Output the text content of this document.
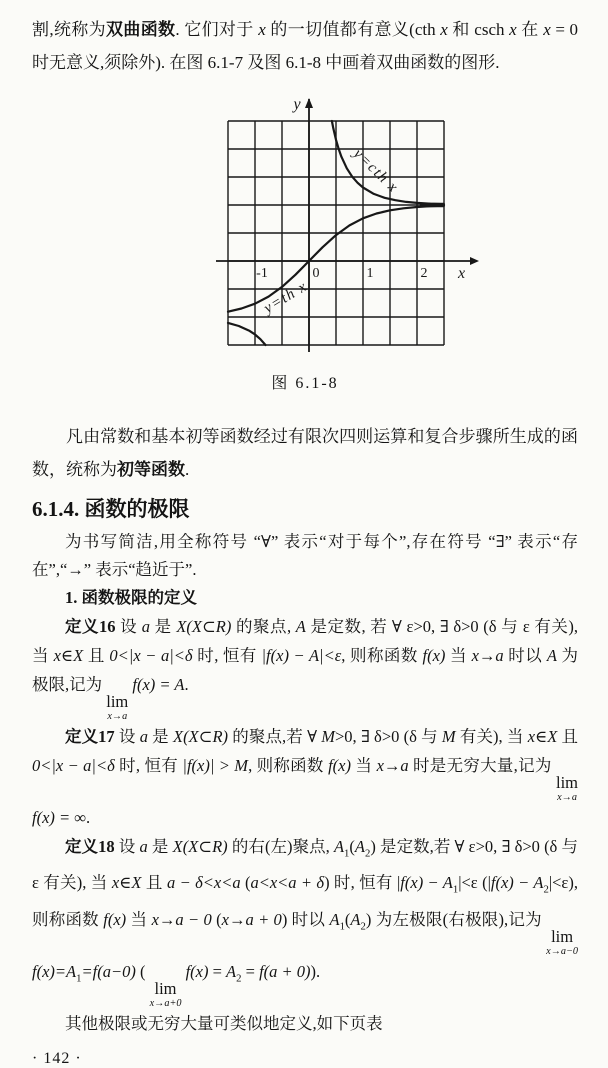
割,统称为双曲函数. 它们对于 x 的一切值都有意义(cth x 和 csch x 在 x = 0 时无意义,须除外). 在图 6.1-7 及图 6.1-8 中画着双曲函数的图形.

-1	0	1	2
y
x
y=cth x
y=th x

图 6.1-8

凡由常数和基本初等函数经过有限次四则运算和复合步骤所生成的函数，统称为初等函数.

6.1.4. 函数的极限

为书写简洁,用全称符号 “∀” 表示“对于每个”,存在符号 “∃” 表示“存在”,“→” 表示“趋近于”.

1. 函数极限的定义

定义16 设 a 是 X(X⊂R) 的聚点, A 是定数, 若 ∀ ε>0, ∃ δ>0 (δ 与 ε 有关),当 x∈X 且 0<|x − a|<δ 时, 恒有 |f(x) − A|<ε, 则称函数 f(x) 当 x→a 时以 A 为极限,记为
lim
x→a
f(x) = A.

定义17 设 a 是 X(X⊂R) 的聚点,若 ∀ M>0, ∃ δ>0 (δ 与 M 有关), 当 x∈X 且 0<|x − a|<δ 时, 恒有 |f(x)| > M, 则称函数 f(x) 当 x→a 时是无穷大量,记为
lim
x→a
f(x) = ∞.

定义18 设 a 是 X(X⊂R) 的右(左)聚点, $A_1(A_2)$ 是定数,若 ∀ ε>0, ∃ δ>0 (δ 与 ε 有关), 当 x∈X 且 a − δ<x<a (a<x<a + δ) 时, 恒有 $|f(x) - A_1|<\varepsilon$ $(|f(x) - A_2|<\varepsilon)$,则称函数 f(x) 当 x→a − 0 (x→a + 0) 时以 $A_1(A_2)$ 为左极限(右极限),记为
lim
x→a−0
$f(x)=A_1=f(a-0)$ (
lim
x→a+0
$f(x) = A_2 = f(a + 0)$).

其他极限或无穷大量可类似地定义,如下页表

· 142 ·
